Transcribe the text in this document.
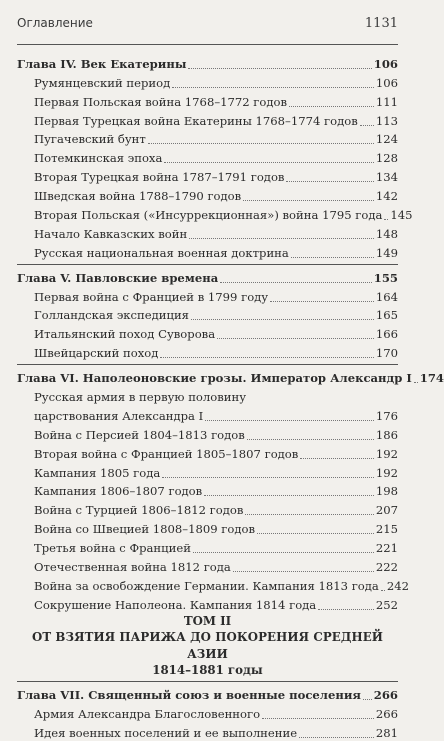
Оглавление	1131
Глава IV. Век Екатерины	106
Румянцевский период	106
Первая Польская война 1768–1772 годов	111
Первая Турецкая война Екатерины 1768–1774 годов 113
Пугачевский бунт	124
Потемкинская эпоха	128
Вторая Турецкая война 1787–1791 годов	134
Шведская война 1788–1790 годов	142
Вторая Польская («Инсуррекционная») война 1795 года 145
Начало Кавказских войн	148
Русская национальная военная доктрина	149
Глава V. Павловские времена	155
Первая война с Францией в 1799 году	164
Голландская экспедиция	165
Итальянский поход Суворова	166
Швейцарский поход	170
Глава VI. Наполеоновские грозы. Император Александр I 174
Русская армия в первую половину
царствования Александра I	176
Война с Персией 1804–1813 годов	186
Вторая война с Францией 1805–1807 годов	192
Кампания 1805 года	192
Кампания 1806–1807 годов	198
Война с Турцией 1806–1812 годов	207
Война со Швецией 1808–1809 годов	215
Третья война с Францией	221
Отечественная война 1812 года	222
Война за освобождение Германии. Кампания 1813 года 242
Сокрушение Наполеона. Кампания 1814 года	252
ТОМ II
ОТ ВЗЯТИЯ ПАРИЖА ДО ПОКОРЕНИЯ СРЕДНЕЙ АЗИИ
1814–1881 годы
Глава VII. Священный союз и военные поселения 266
Армия Александра Благословенного	266
Идея военных поселений и ее выполнение	281
